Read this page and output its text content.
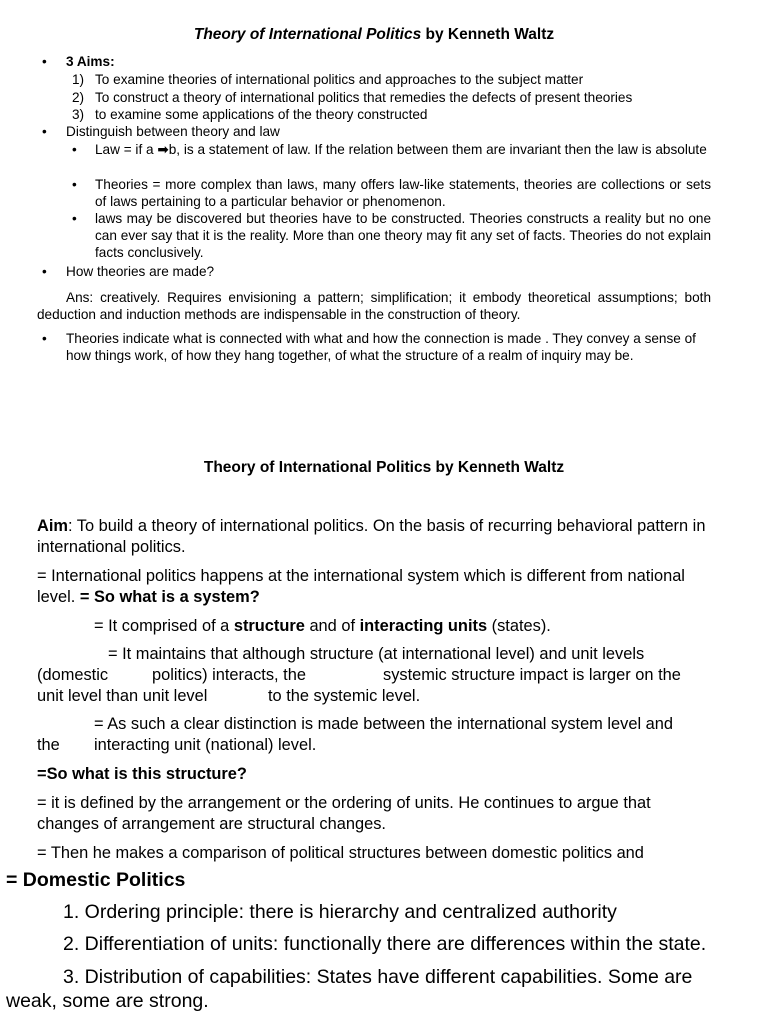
Theory of International Politics by Kenneth Waltz
• 3 Aims:
1) To examine theories of international politics and approaches to the subject matter
2) To construct a theory of international politics that remedies the defects of present theories
3) to examine some applications of the theory constructed
• Distinguish between theory and law
• Law = if a ➡b, is a statement of law. If the relation between them are invariant then the law is absolute
• Theories = more complex than laws, many offers law-like statements, theories are collections or sets of laws pertaining to a particular behavior or phenomenon.
• laws may be discovered but theories have to be constructed. Theories constructs a reality but no one can ever say that it is the reality. More than one theory may fit any set of facts. Theories do not explain facts conclusively.
• How theories are made?
Ans: creatively. Requires envisioning a pattern; simplification; it embody theoretical assumptions; both deduction and induction methods are indispensable in the construction of theory.
• Theories indicate what is connected with what and how the connection is made . They convey a sense of how things work, of how they hang together, of what the structure of a realm of inquiry may be.
Theory of International Politics by Kenneth Waltz
Aim: To build a theory of international politics. On the basis of recurring behavioral pattern in international politics.
= International politics happens at the international system which is different from national level. = So what is a system?
= It comprised of a structure and of interacting units (states).
= It maintains that although structure (at international level) and unit levels
(domestic	politics) interacts, the	systemic structure impact is larger on the
unit level than unit level	to the systemic level.
= As such a clear distinction is made between the international system level and
the interacting unit (national) level.
=So what is this structure?
= it is defined by the arrangement or the ordering of units. He continues to argue that changes of arrangement are structural changes.
= Then he makes a comparison of political structures between domestic politics and
= Domestic Politics
1. Ordering principle: there is hierarchy and centralized authority
2. Differentiation of units: functionally there are differences within the state.
3. Distribution of capabilities: States have different capabilities. Some are
weak, some are strong.
